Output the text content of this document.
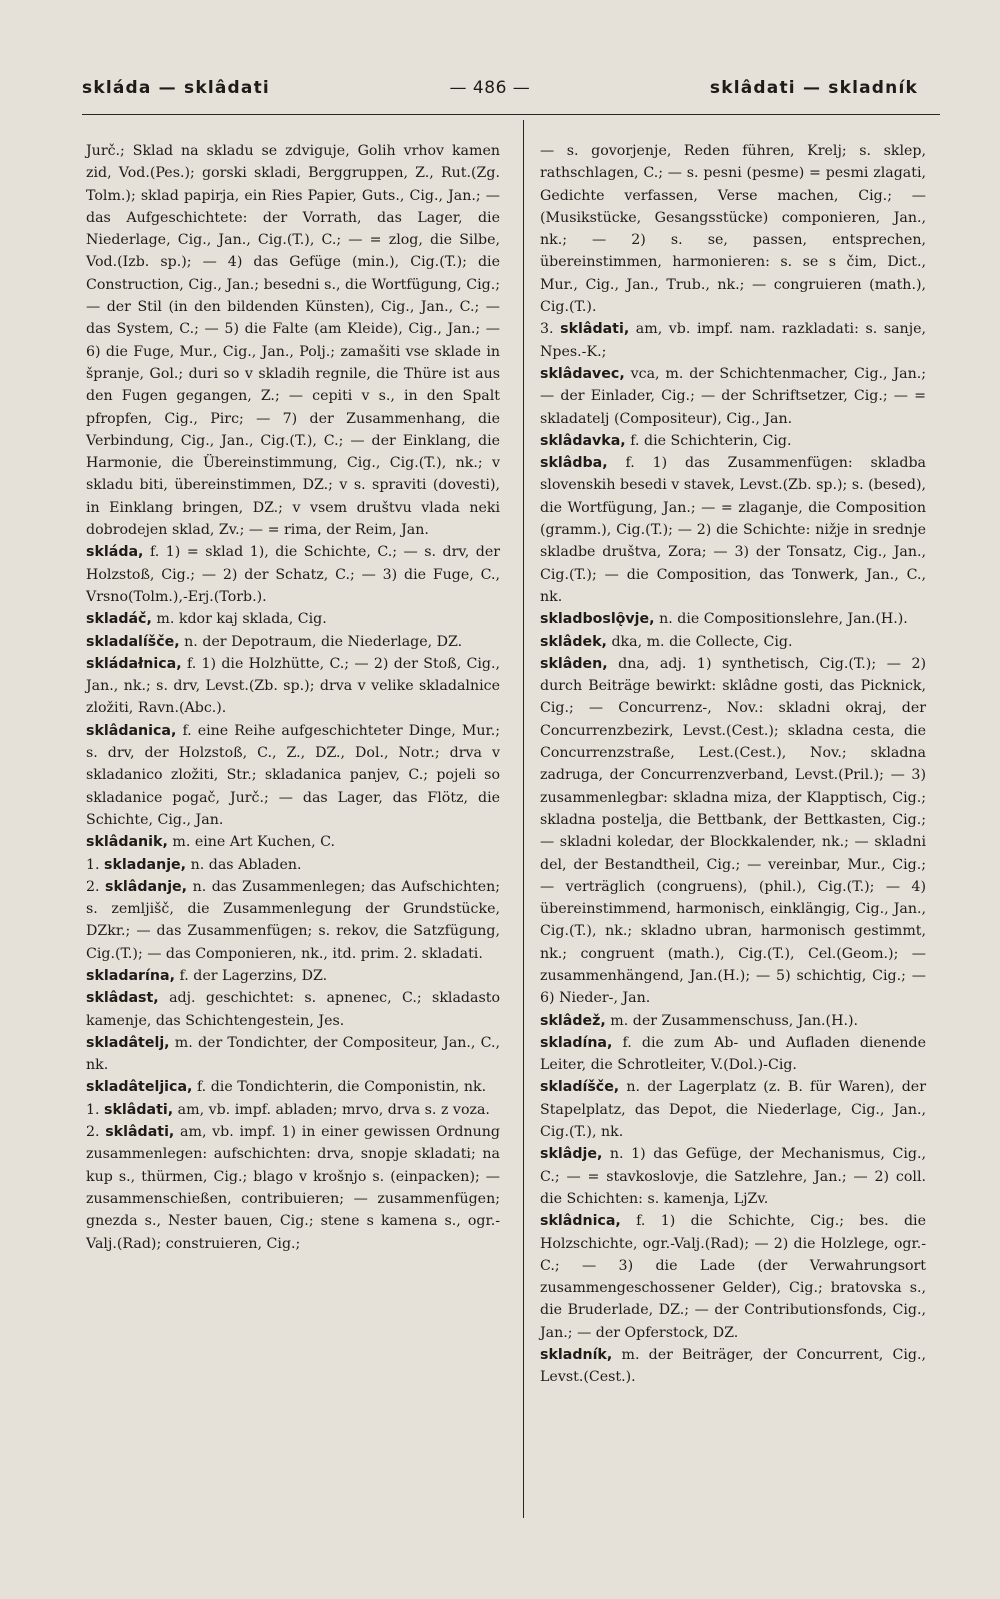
skláda — sklâdati	— 486 —	sklâdati — skladník

Jurč.; Sklad na skladu se zdviguje, Golih vrhov kamen zid, Vod.(Pes.); gorski skladi, Berggruppen, Z., Rut.(Zg. Tolm.); sklad papirja, ein Ries Papier, Guts., Cig., Jan.; — das Aufgeschichtete: der Vorrath, das Lager, die Niederlage, Cig., Jan., Cig.(T.), C.; — = zlog, die Silbe, Vod.(Izb. sp.); — 4) das Gefüge (min.), Cig.(T.); die Construction, Cig., Jan.; besedni s., die Wortfügung, Cig.; — der Stil (in den bildenden Künsten), Cig., Jan., C.; — das System, C.; — 5) die Falte (am Kleide), Cig., Jan.; — 6) die Fuge, Mur., Cig., Jan., Polj.; zamašiti vse sklade in špranje, Gol.; duri so v skladih regnile, die Thüre ist aus den Fugen gegangen, Z.; — cepiti v s., in den Spalt pfropfen, Cig., Pirc; — 7) der Zusammenhang, die Verbindung, Cig., Jan., Cig.(T.), C.; — der Einklang, die Harmonie, die Übereinstimmung, Cig., Cig.(T.), nk.; v skladu biti, übereinstimmen, DZ.; v s. spraviti (dovesti), in Einklang bringen, DZ.; v vsem društvu vlada neki dobrodejen sklad, Zv.; — = rima, der Reim, Jan.

skláda, f. 1) = sklad 1), die Schichte, C.; — s. drv, der Holzstoß, Cig.; — 2) der Schatz, C.; — 3) die Fuge, C., Vrsno(Tolm.),-Erj.(Torb.).

skladáč, m. kdor kaj sklada, Cig.

skladalíšče, n. der Depotraum, die Niederlage, DZ.

skládałnica, f. 1) die Holzhütte, C.; — 2) der Stoß, Cig., Jan., nk.; s. drv, Levst.(Zb. sp.); drva v velike skladalnice zložiti, Ravn.(Abc.).

sklâdanica, f. eine Reihe aufgeschichteter Dinge, Mur.; s. drv, der Holzstoß, C., Z., DZ., Dol., Notr.; drva v skladanico zložiti, Str.; skladanica panjev, C.; pojeli so skladanice pogač, Jurč.; — das Lager, das Flötz, die Schichte, Cig., Jan.

sklâdanik, m. eine Art Kuchen, C.

1. skladanje, n. das Abladen.

2. sklâdanje, n. das Zusammenlegen; das Aufschichten; s. zemljišč, die Zusammenlegung der Grundstücke, DZkr.; — das Zusammenfügen; s. rekov, die Satzfügung, Cig.(T.); — das Componieren, nk., itd. prim. 2. skladati.

skladarína, f. der Lagerzins, DZ.

sklâdast, adj. geschichtet: s. apnenec, C.; skladasto kamenje, das Schichtengestein, Jes.

skladâtelj, m. der Tondichter, der Compositeur, Jan., C., nk.

skladâteljica, f. die Tondichterin, die Componistin, nk.

1. sklâdati, am, vb. impf. abladen; mrvo, drva s. z voza.

2. sklâdati, am, vb. impf. 1) in einer gewissen Ordnung zusammenlegen: aufschichten: drva, snopje skladati; na kup s., thürmen, Cig.; blago v krošnjo s. (einpacken); — zusammenschießen, contribuieren; — zusammenfügen; gnezda s., Nester bauen, Cig.; stene s kamena s., ogr.-Valj.(Rad); construieren, Cig.;

— s. govorjenje, Reden führen, Krelj; s. sklep, rathschlagen, C.; — s. pesni (pesme) = pesmi zlagati, Gedichte verfassen, Verse machen, Cig.; — (Musikstücke, Gesangsstücke) componieren, Jan., nk.; — 2) s. se, passen, entsprechen, übereinstimmen, harmonieren: s. se s čim, Dict., Mur., Cig., Jan., Trub., nk.; — congruieren (math.), Cig.(T.).

3. sklâdati, am, vb. impf. nam. razkladati: s. sanje, Npes.-K.;

sklâdavec, vca, m. der Schichtenmacher, Cig., Jan.; — der Einlader, Cig.; — der Schriftsetzer, Cig.; — = skladatelj (Compositeur), Cig., Jan.

sklâdavka, f. die Schichterin, Cig.

sklâdba, f. 1) das Zusammenfügen: skladba slovenskih besedi v stavek, Levst.(Zb. sp.); s. (besed), die Wortfügung, Jan.; — = zlaganje, die Composition (gramm.), Cig.(T.); — 2) die Schichte: nižje in srednje skladbe društva, Zora; — 3) der Tonsatz, Cig., Jan., Cig.(T.); — die Composition, das Tonwerk, Jan., C., nk.

skladboslǫ̑vje, n. die Compositionslehre, Jan.(H.).

sklâdek, dka, m. die Collecte, Cig.

sklâden, dna, adj. 1) synthetisch, Cig.(T.); — 2) durch Beiträge bewirkt: sklâdne gosti, das Picknick, Cig.; — Concurrenz-, Nov.: skladni okraj, der Concurrenzbezirk, Levst.(Cest.); skladna cesta, die Concurrenzstraße, Lest.(Cest.), Nov.; skladna zadruga, der Concurrenzverband, Levst.(Pril.); — 3) zusammenlegbar: skladna miza, der Klapptisch, Cig.; skladna postelja, die Bettbank, der Bettkasten, Cig.; — skladni koledar, der Blockkalender, nk.; — skladni del, der Bestandtheil, Cig.; — vereinbar, Mur., Cig.; — verträglich (congruens), (phil.), Cig.(T.); — 4) übereinstimmend, harmonisch, einklängig, Cig., Jan., Cig.(T.), nk.; skladno ubran, harmonisch gestimmt, nk.; congruent (math.), Cig.(T.), Cel.(Geom.); — zusammenhängend, Jan.(H.); — 5) schichtig, Cig.; — 6) Nieder-, Jan.

sklâdež, m. der Zusammenschuss, Jan.(H.).

skladína, f. die zum Ab- und Aufladen dienende Leiter, die Schrotleiter, V.(Dol.)-Cig.

skladíšče, n. der Lagerplatz (z. B. für Waren), der Stapelplatz, das Depot, die Niederlage, Cig., Jan., Cig.(T.), nk.

sklâdje, n. 1) das Gefüge, der Mechanismus, Cig., C.; — = stavkoslovje, die Satzlehre, Jan.; — 2) coll. die Schichten: s. kamenja, LjZv.

sklâdnica, f. 1) die Schichte, Cig.; bes. die Holzschichte, ogr.-Valj.(Rad); — 2) die Holzlege, ogr.-C.; — 3) die Lade (der Verwahrungsort zusammengeschossener Gelder), Cig.; bratovska s., die Bruderlade, DZ.; — der Contributionsfonds, Cig., Jan.; — der Opferstock, DZ.

skladník, m. der Beiträger, der Concurrent, Cig., Levst.(Cest.).
